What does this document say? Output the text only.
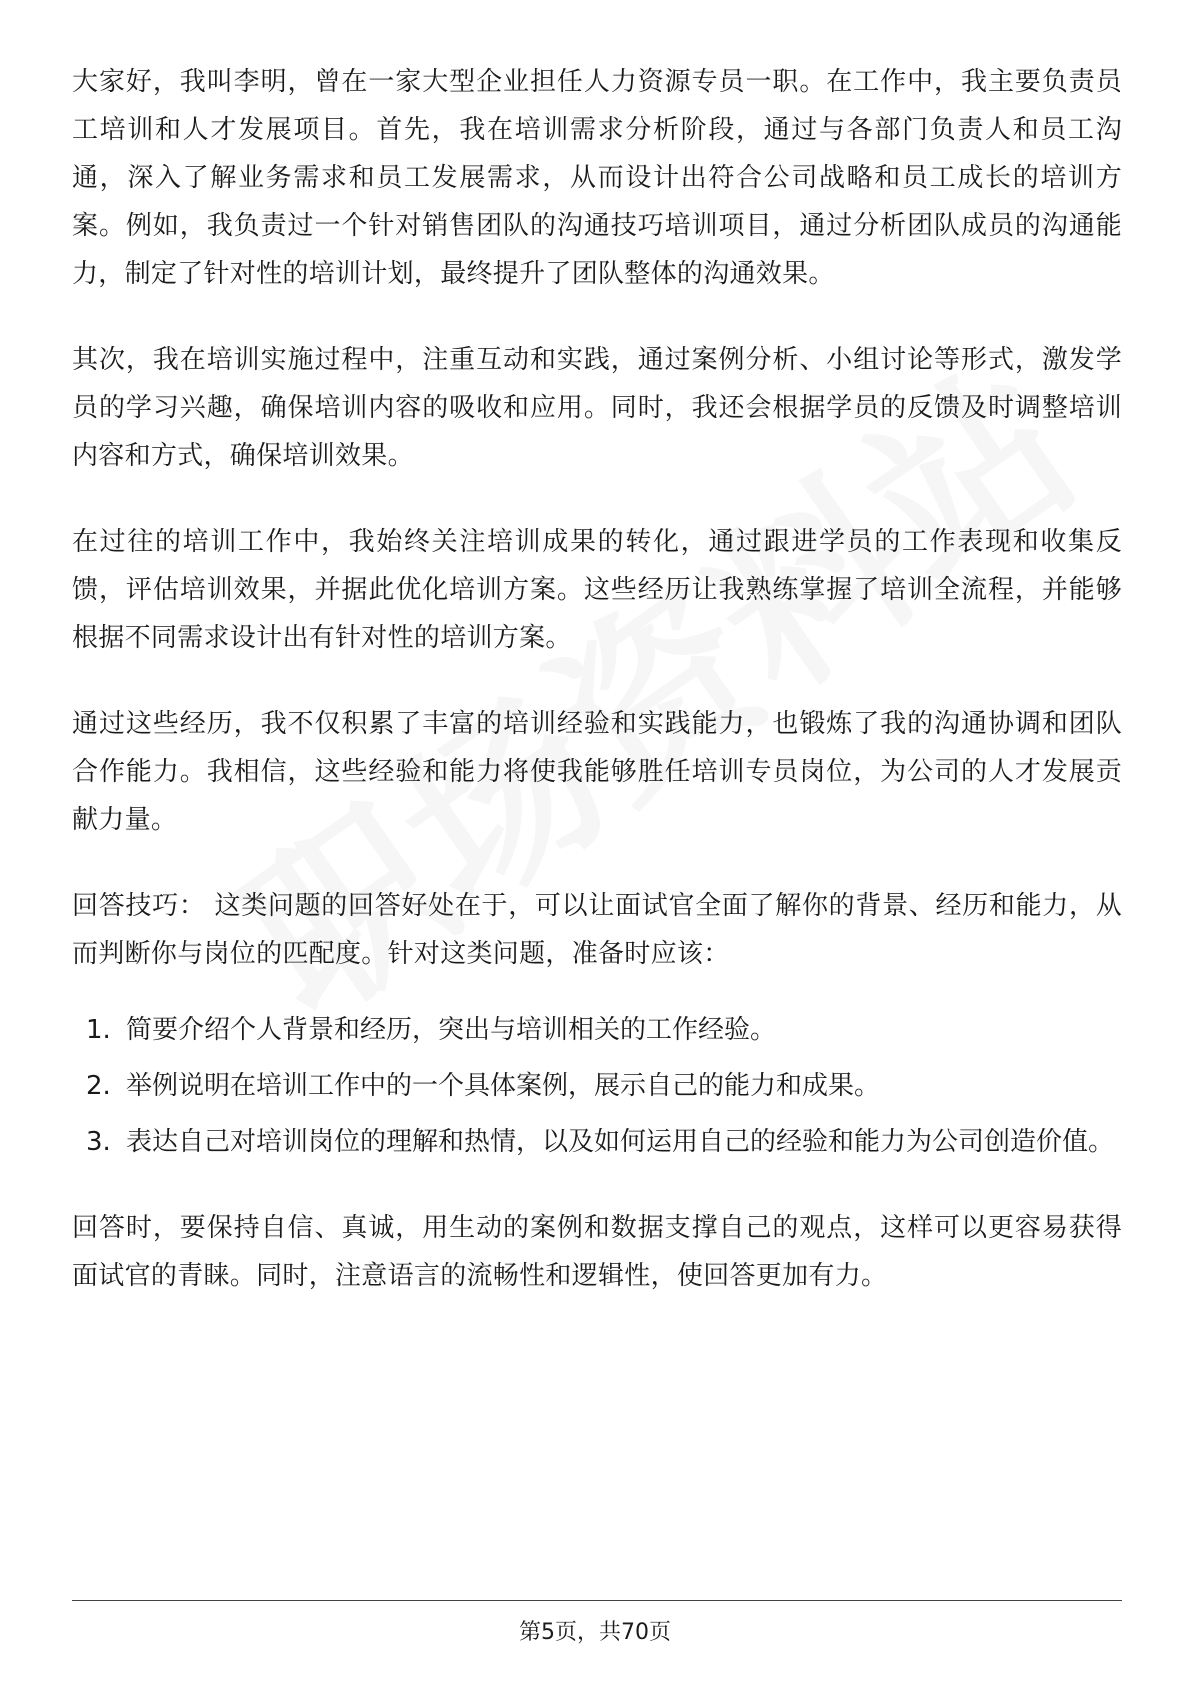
大家好，我叫李明，曾在一家大型企业担任人力资源专员一职。在工作中，我主要负责员工培训和人才发展项目。首先，我在培训需求分析阶段，通过与各部门负责人和员工沟通，深入了解业务需求和员工发展需求，从而设计出符合公司战略和员工成长的培训方案。例如，我负责过一个针对销售团队的沟通技巧培训项目，通过分析团队成员的沟通能力，制定了针对性的培训计划，最终提升了团队整体的沟通效果。

其次，我在培训实施过程中，注重互动和实践，通过案例分析、小组讨论等形式，激发学员的学习兴趣，确保培训内容的吸收和应用。同时，我还会根据学员的反馈及时调整培训内容和方式，确保培训效果。

在过往的培训工作中，我始终关注培训成果的转化，通过跟进学员的工作表现和收集反馈，评估培训效果，并据此优化培训方案。这些经历让我熟练掌握了培训全流程，并能够根据不同需求设计出有针对性的培训方案。

通过这些经历，我不仅积累了丰富的培训经验和实践能力，也锻炼了我的沟通协调和团队合作能力。我相信，这些经验和能力将使我能够胜任培训专员岗位，为公司的人才发展贡献力量。

回答技巧： 这类问题的回答好处在于，可以让面试官全面了解你的背景、经历和能力，从而判断你与岗位的匹配度。针对这类问题，准备时应该：

1. 简要介绍个人背景和经历，突出与培训相关的工作经验。
2. 举例说明在培训工作中的一个具体案例，展示自己的能力和成果。
3. 表达自己对培训岗位的理解和热情，以及如何运用自己的经验和能力为公司创造价值。

回答时，要保持自信、真诚，用生动的案例和数据支撑自己的观点，这样可以更容易获得面试官的青睐。同时，注意语言的流畅性和逻辑性，使回答更加有力。

第5页，共70页
